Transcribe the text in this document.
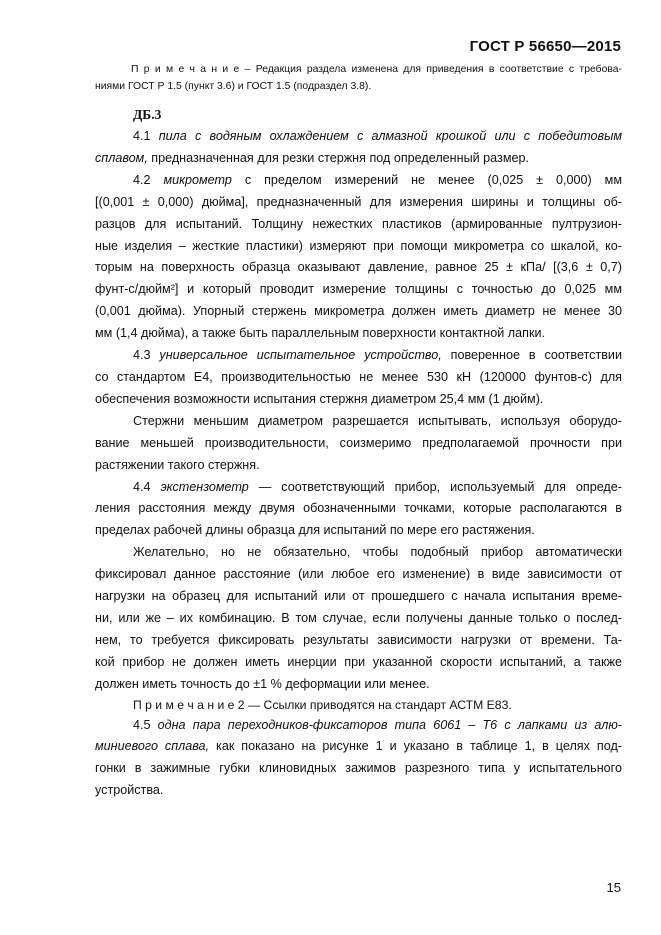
ГОСТ Р 56650—2015
П р и м е ч а н и е – Редакция раздела изменена для приведения в соответствие с требова-
ниями ГОСТ Р 1.5 (пункт 3.6) и ГОСТ 1.5 (подраздел 3.8).
ДБ.3
4.1 пила с водяным охлаждением с алмазной крошкой или с победитовым
сплавом, предназначенная для резки стержня под определенный размер.
4.2 микрометр с пределом измерений не менее (0,025 ± 0,000) мм
[(0,001 ± 0,000) дюйма], предназначенный для измерения ширины и толщины об-
разцов для испытаний. Толщину нежестких пластиков (армированные пултрузион-
ные изделия – жесткие пластики) измеряют при помощи микрометра со шкалой, ко-
торым на поверхность образца оказывают давление, равное 25 ± кПа/ [(3,6 ± 0,7)
фунт-с/дюйм²] и который проводит измерение толщины с точностью до 0,025 мм
(0,001 дюйма). Упорный стержень микрометра должен иметь диаметр не менее 30
мм (1,4 дюйма), а также быть параллельным поверхности контактной лапки.
4.3 универсальное испытательное устройство, поверенное в соответствии
со стандартом Е4, производительностью не менее 530 кН (120000 фунтов-с) для
обеспечения возможности испытания стержня диаметром 25,4 мм (1 дюйм).
Стержни меньшим диаметром разрешается испытывать, используя оборудо-
вание меньшей производительности, соизмеримо предполагаемой прочности при
растяжении такого стержня.
4.4 экстензометр — соответствующий прибор, используемый для опреде-
ления расстояния между двумя обозначенными точками, которые располагаются в
пределах рабочей длины образца для испытаний по мере его растяжения.
Желательно, но не обязательно, чтобы подобный прибор автоматически
фиксировал данное расстояние (или любое его изменение) в виде зависимости от
нагрузки на образец для испытаний или от прошедшего с начала испытания време-
ни, или же – их комбинацию. В том случае, если получены данные только о послед-
нем, то требуется фиксировать результаты зависимости нагрузки от времени. Та-
кой прибор не должен иметь инерции при указанной скорости испытаний, а также
должен иметь точность до ±1 % деформации или менее.
П р и м е ч а н и е 2 — Ссылки приводятся на стандарт АСТМ Е83.
4.5 одна пара переходников-фиксаторов типа 6061 – Т6 с лапками из алю-
миниевого сплава, как показано на рисунке 1 и указано в таблице 1, в целях под-
гонки в зажимные губки клиновидных зажимов разрезного типа у испытательного
устройства.
15
